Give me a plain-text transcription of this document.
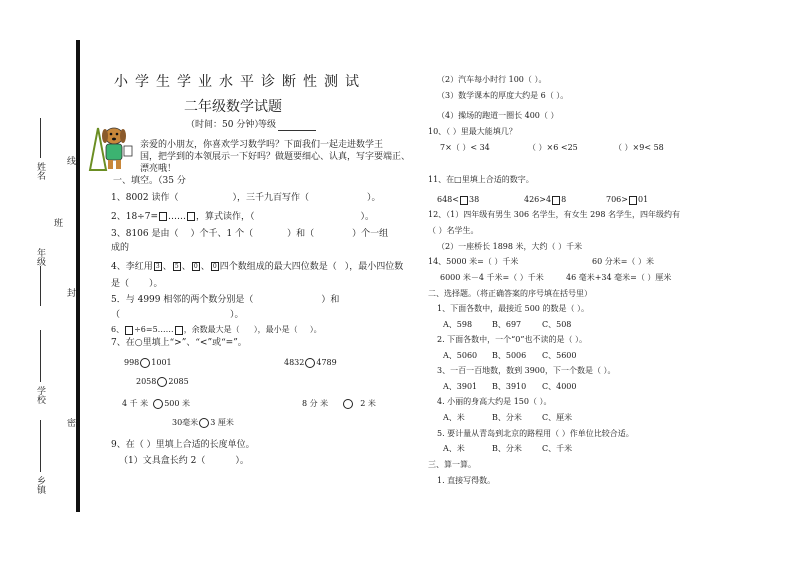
姓名
线
年级
班
封
学校
密
乡镇
小学生学业水平诊断性测试
二年级数学试题
（时间：50 分钟）
等级
亲爱的小朋友，你喜欢学习数学吗？下面我们一起走进数学王
国，把学到的本领展示一下好吗？做题要细心、认真，写字要端正、
漂亮哦！
一、填空。（35 分
1、8002 读作（	），三千九百写作（	）。
2、18÷7= …… ，算式读作，（	）。
3、8106 是由（ ）个千、1 个（	）和（	）个一组
成的
4、李红用 3 、 5 、 0 、 0 四个数组成的最大四位数是（ ），最小四位数
是（ ）。
5．与 4999 相邻的两个数分别是（	）和
（	）。
6、 ÷6=5…… ，余数最大是（ ），最小是（ ）。
7、在○里填上“>”、“<”或“=”。
998 1001	4832 4789
2058 2085
4 千 米 500 米	8 分 米	2 米
30毫米 3 厘米
9、在（ ）里填上合适的长度单位。
（1）文具盒长约 2（	）。
（2）汽车每小时行 100（ ）。
（3）数学课本的厚度大约是 6（ ）。
（4）操场的跑道一圈长 400（ ）
10、（ ）里最大能填几？
7×（ ）< 34	（ ）×6 <25	（ ）×9< 58
11、在□里填上合适的数字。
648< 38	426>4 8	706> 01
12、（1）四年级有男生 306 名学生，有女生 298 名学生，四年级约有
（ ）名学生。
（2）一座桥长 1898 米，大约（ ）千米
14、5000 米=（ ）千米	60 分米=（ ）米
6000 米－4 千米=（ ）千米	46 毫米+34 毫米=（ ）厘米
二、选择题。（将正确答案的序号填在括号里）
1、下面各数中，最接近 500 的数是（ ）。
A、598 B、697	C、508
2. 下面各数中，一个“0”也不读的是（ ）。
A、5060 B、5006 C、5600
3、一百一百地数，数到 3900，下一个数是（ ）。
A、3901 B、3910 C、4000
4. 小丽的身高大约是 150（ ）。
A、米	B、分米	C、厘米
5. 要计量从青岛到北京的路程用（ ）作单位比较合适。
A、米	B、分米	C、千米
三、算一算。
1. 直接写得数。
